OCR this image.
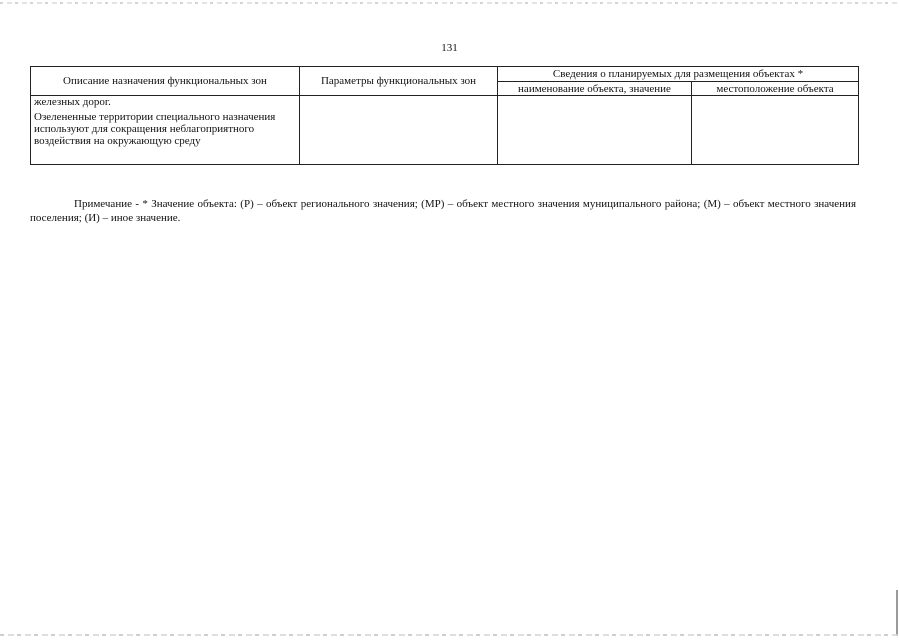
131
Описание назначения функциональных зон	Параметры функциональных зон	Сведения о планируемых для размещения объектах *	
		наименование объекта, значение	местоположение объекта

железных дорог.
Озелененные территории специального назначения используют для сокращения неблагоприятного воздействия на окружающую среду			

Примечание - * Значение объекта: (Р) – объект регионального значения; (МР) – объект местного значения муниципального района; (М) – объект местного значения поселения; (И) – иное значение.
